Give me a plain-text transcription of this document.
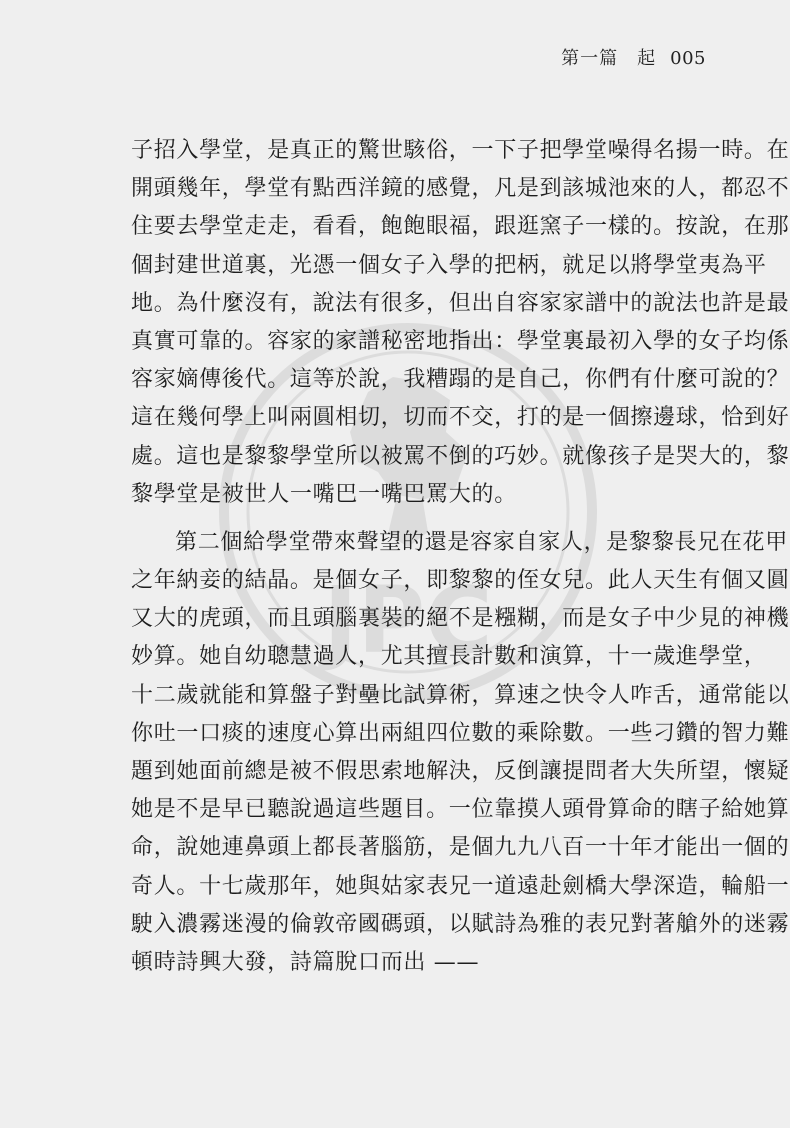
第一篇　起 005
JPC
子招入學堂，是真正的驚世駭俗，一下子把學堂噪得名揚一時。在
開頭幾年，學堂有點西洋鏡的感覺，凡是到該城池來的人，都忍不
住要去學堂走走，看看，飽飽眼福，跟逛窯子一樣的。按說，在那
個封建世道裏，光憑一個女子入學的把柄，就足以將學堂夷為平
地。為什麼沒有，說法有很多，但出自容家家譜中的說法也許是最
真實可靠的。容家的家譜秘密地指出：學堂裏最初入學的女子均係
容家嫡傳後代。這等於說，我糟蹋的是自己，你們有什麼可說的？
這在幾何學上叫兩圓相切，切而不交，打的是一個擦邊球，恰到好
處。這也是黎黎學堂所以被罵不倒的巧妙。就像孩子是哭大的，黎
黎學堂是被世人一嘴巴一嘴巴罵大的。
第二個給學堂帶來聲望的還是容家自家人，是黎黎長兄在花甲
之年納妾的結晶。是個女子，即黎黎的侄女兒。此人天生有個又圓
又大的虎頭，而且頭腦裏裝的絕不是糨糊，而是女子中少見的神機
妙算。她自幼聰慧過人，尤其擅長計數和演算，十一歲進學堂，
十二歲就能和算盤子對壘比試算術，算速之快令人咋舌，通常能以
你吐一口痰的速度心算出兩組四位數的乘除數。一些刁鑽的智力難
題到她面前總是被不假思索地解決，反倒讓提問者大失所望，懷疑
她是不是早已聽說過這些題目。一位靠摸人頭骨算命的瞎子給她算
命，說她連鼻頭上都長著腦筋，是個九九八百一十年才能出一個的
奇人。十七歲那年，她與姑家表兄一道遠赴劍橋大學深造，輪船一
駛入濃霧迷漫的倫敦帝國碼頭，以賦詩為雅的表兄對著艙外的迷霧
頓時詩興大發，詩篇脫口而出 ——
